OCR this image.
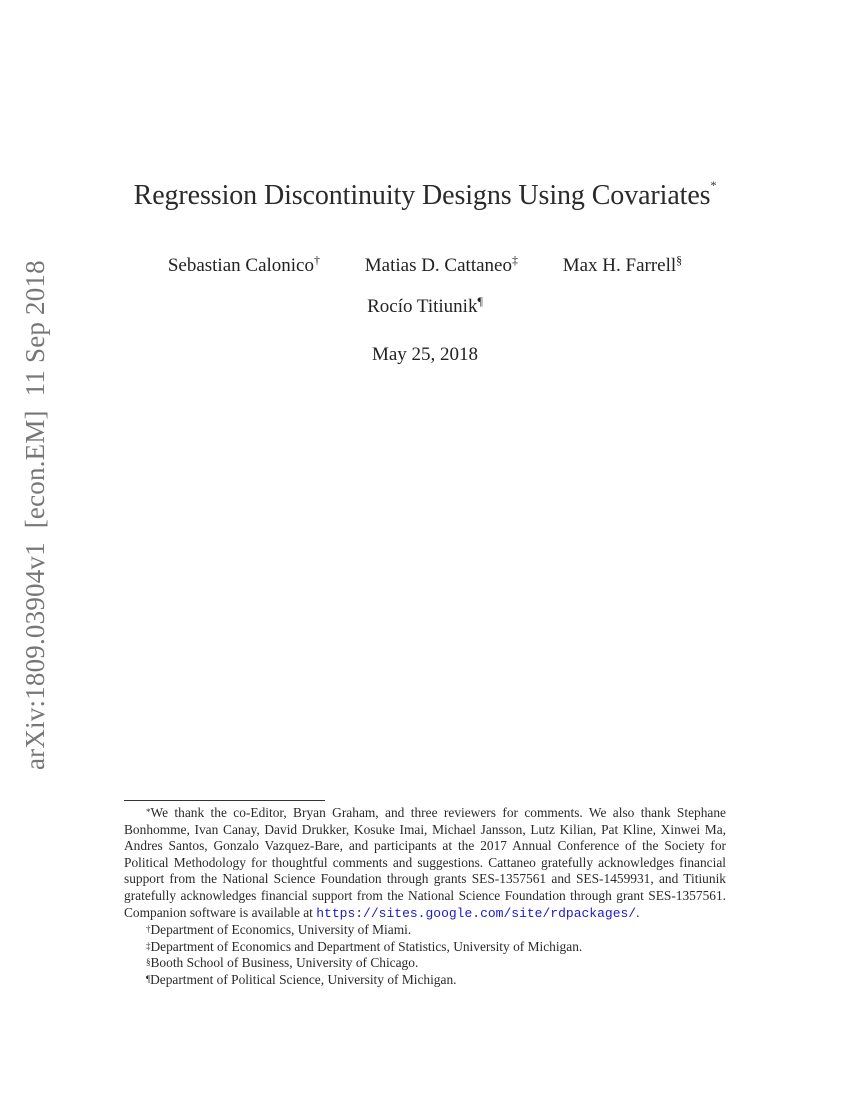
arXiv:1809.03904v1  [econ.EM]  11 Sep 2018
Regression Discontinuity Designs Using Covariates*
Sebastian Calonico† Matias D. Cattaneo‡ Max H. Farrell§
Rocío Titiunik¶
May 25, 2018

*We thank the co-Editor, Bryan Graham, and three reviewers for comments. We also thank Stephane Bonhomme, Ivan Canay, David Drukker, Kosuke Imai, Michael Jansson, Lutz Kilian, Pat Kline, Xinwei Ma, Andres Santos, Gonzalo Vazquez-Bare, and participants at the 2017 Annual Conference of the Society for Political Methodology for thoughtful comments and suggestions. Cattaneo gratefully acknowledges financial support from the National Science Foundation through grants SES-1357561 and SES-1459931, and Titiunik gratefully acknowledges financial support from the National Science Foundation through grant SES-1357561. Companion software is available at https://sites.google.com/site/rdpackages/.

†Department of Economics, University of Miami.

‡Department of Economics and Department of Statistics, University of Michigan.

§Booth School of Business, University of Chicago.

¶Department of Political Science, University of Michigan.
